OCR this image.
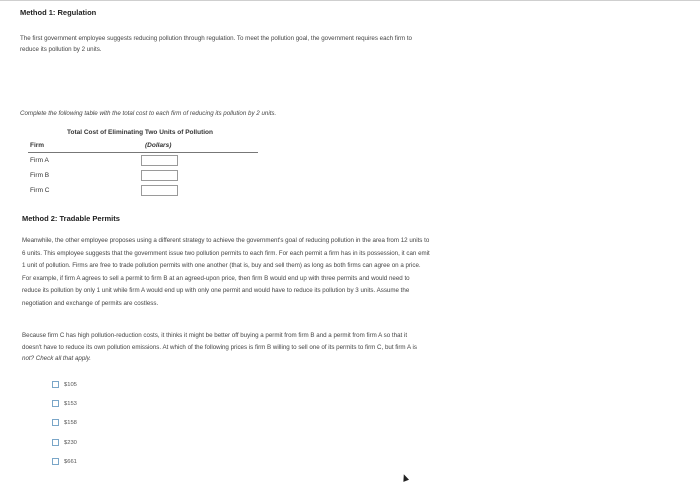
Method 1: Regulation
The first government employee suggests reducing pollution through regulation. To meet the pollution goal, the government requires each firm to
reduce its pollution by 2 units.
Complete the following table with the total cost to each firm of reducing its pollution by 2 units.
Total Cost of Eliminating Two Units of Pollution
Firm	(Dollars)
Firm A
Firm B
Firm C
Method 2: Tradable Permits
Meanwhile, the other employee proposes using a different strategy to achieve the government's goal of reducing pollution in the area from 12 units to
6 units. This employee suggests that the government issue two pollution permits to each firm. For each permit a firm has in its possession, it can emit
1 unit of pollution. Firms are free to trade pollution permits with one another (that is, buy and sell them) as long as both firms can agree on a price.
For example, if firm A agrees to sell a permit to firm B at an agreed-upon price, then firm B would end up with three permits and would need to
reduce its pollution by only 1 unit while firm A would end up with only one permit and would have to reduce its pollution by 3 units. Assume the
negotiation and exchange of permits are costless.
Because firm C has high pollution-reduction costs, it thinks it might be better off buying a permit from firm B and a permit from firm A so that it
doesn't have to reduce its own pollution emissions. At which of the following prices is firm B willing to sell one of its permits to firm C, but firm A is
not? Check all that apply.
$105
$153
$158
$230
$661
